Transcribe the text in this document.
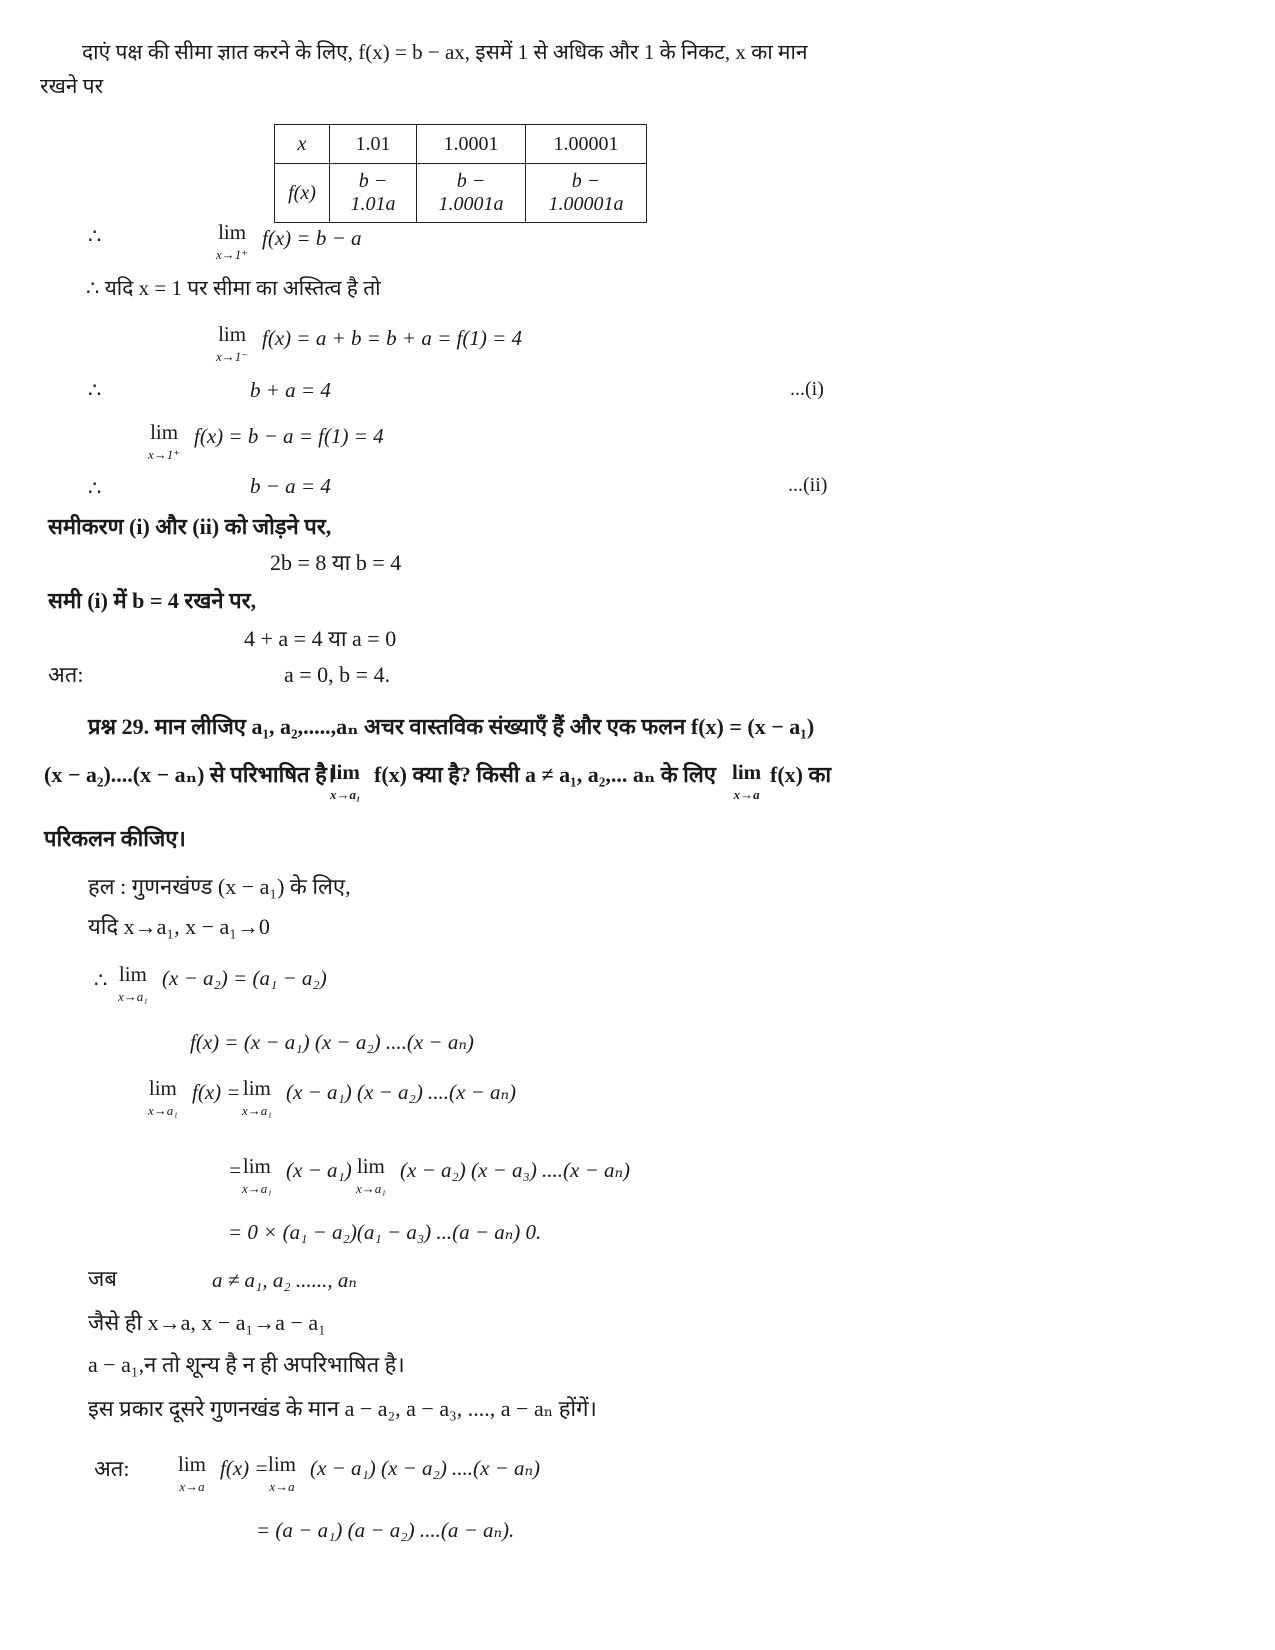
दाएं पक्ष की सीमा ज्ञात करने के लिए, f(x) = b − ax, इसमें 1 से अधिक और 1 के निकट, x का मान
रखने पर
x	1.01	1.0001	1.00001
f(x)	b − 1.01a	b − 1.0001a	b − 1.00001a
∴	lim
x→1⁺
f(x) = b − a
∴ यदि x = 1 पर सीमा का अस्तित्व है तो
lim
x→1⁻
f(x) = a + b = b + a = f(1) = 4
∴	b + a = 4	...(i)
lim
x→1⁺
f(x) = b − a = f(1) = 4
∴	b − a = 4	...(ii)
समीकरण (i) और (ii) को जोड़ने पर,
2b = 8 या b = 4
समी (i) में b = 4 रखने पर,
4 + a = 4 या a = 0
अत:	a = 0, b = 4.
प्रश्न 29. मान लीजिए a₁, a₂,.....,aₙ अचर वास्तविक संख्याएँ हैं और एक फलन f(x) = (x − a₁)
(x − a₂)....(x − aₙ) से परिभाषित है।
lim
x→a₁
f(x) क्या है? किसी a ≠ a₁, a₂,... aₙ के लिए lim
x→a
f(x) का
परिकलन कीजिए।
हल : गुणनखंण्ड (x − a₁) के लिए,
यदि x→a₁, x − a₁→0
∴ lim
x→a₁
(x − a₂) = (a₁ − a₂)
f(x) = (x − a₁) (x − a₂) ....(x − aₙ)
lim
x→a₁
f(x) = lim
x→a₁
(x − a₁) (x − a₂) ....(x − aₙ)
= lim
x→a₁
(x − a₁) lim
x→a₁
(x − a₂) (x − a₃) ....(x − aₙ)
= 0 × (a₁ − a₂)(a₁ − a₃) ...(a − aₙ) 0.
जब	a ≠ a₁, a₂ ......, aₙ
जैसे ही x→a, x − a₁→a − a₁
a − a₁,न तो शून्य है न ही अपरिभाषित है।
इस प्रकार दूसरे गुणनखंड के मान a − a₂, a − a₃, ...., a − aₙ होंगें।
अत: lim
x→a
f(x) = lim
x→a
(x − a₁) (x − a₂) ....(x − aₙ)
= (a − a₁) (a − a₂) ....(a − aₙ).
